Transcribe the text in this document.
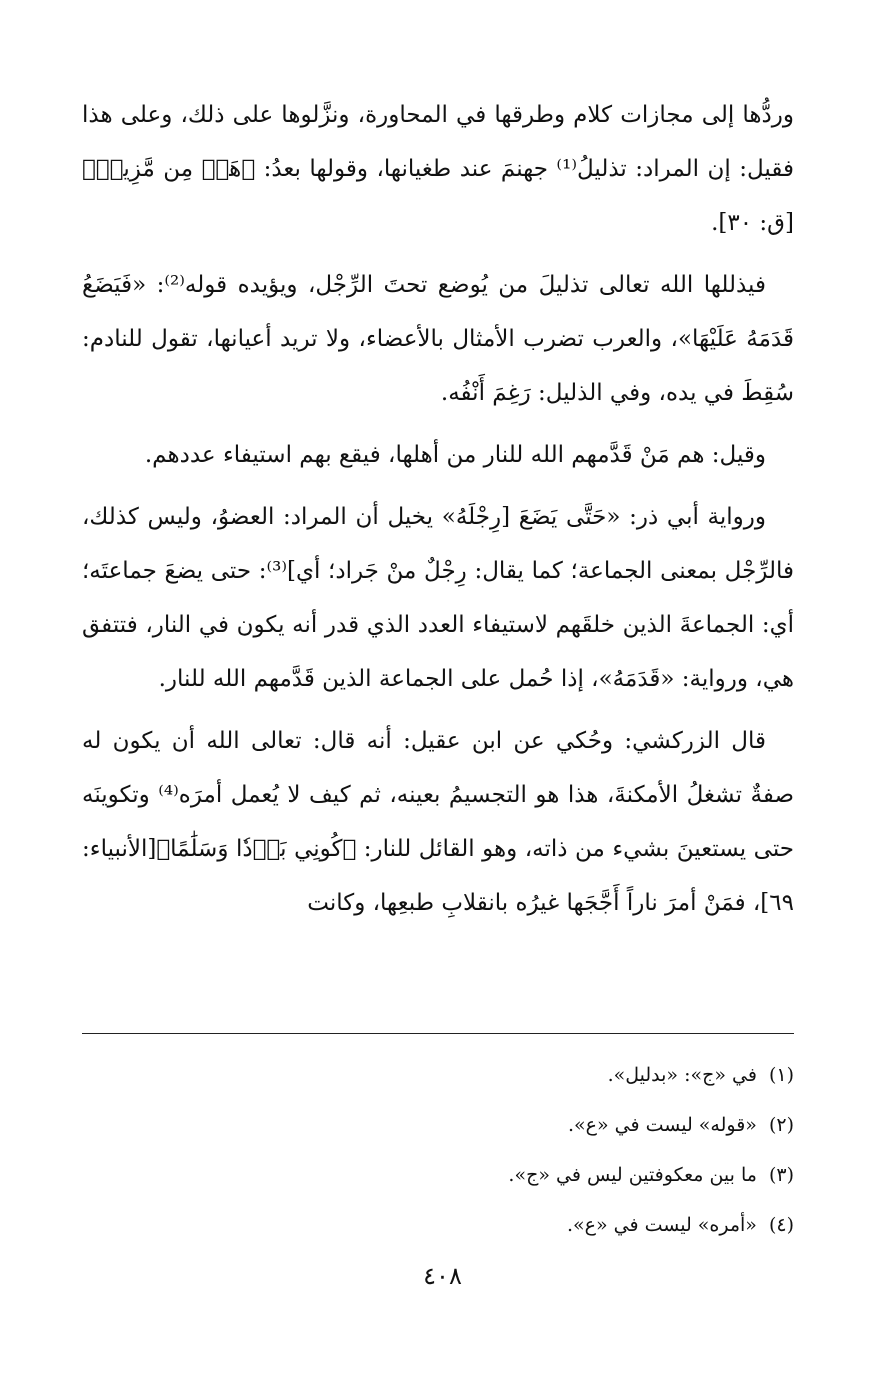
وردُّها إلى مجازات كلام وطرقها في المحاورة، ونزَّلوها على ذلك، وعلى هذا فقيل: إن المراد: تذليلُ⁽¹⁾ جهنمَ عند طغيانها، وقولها بعدُ: ﴿هَلۡ مِن مَّزِيدٖ﴾[ق: ٣٠].

فيذللها الله تعالى تذليلَ من يُوضع تحتَ الرِّجْل، ويؤيده قوله⁽²⁾: «فَيَضَعُ قَدَمَهُ عَلَيْهَا»، والعرب تضرب الأمثال بالأعضاء، ولا تريد أعيانها، تقول للنادم: سُقِطَ في يده، وفي الذليل: رَغِمَ أَنْفُه.

وقيل: هم مَنْ قَدَّمهم الله للنار من أهلها، فيقع بهم استيفاء عددهم.

ورواية أبي ذر: «حَتَّى يَضَعَ [رِجْلَهُ» يخيل أن المراد: العضوُ، وليس كذلك، فالرِّجْل بمعنى الجماعة؛ كما يقال: رِجْلٌ منْ جَراد؛ أي]⁽³⁾: حتى يضعَ جماعتَه؛ أي: الجماعةَ الذين خلقَهم لاستيفاء العدد الذي قدر أنه يكون في النار، فتتفق هي، ورواية: «قَدَمَهُ»، إذا حُمل على الجماعة الذين قَدَّمهم الله للنار.

قال الزركشي: وحُكي عن ابن عقيل: أنه قال: تعالى الله أن يكون له صفةٌ تشغلُ الأمكنةَ، هذا هو التجسيمُ بعينه، ثم كيف لا يُعمل أمرَه⁽⁴⁾ وتكوينَه حتى يستعينَ بشيء من ذاته، وهو القائل للنار: ﴿كُونِي بَرۡدٗا وَسَلَٰمًا﴾[الأنبياء: ٦٩]، فمَنْ أمرَ ناراً أَجَّجَها غيرُه بانقلابِ طبعِها، وكانت

(١)في «ج»: «بدليل».

(٢)«قوله» ليست في «ع».

(٣)ما بين معكوفتين ليس في «ج».

(٤)«أمره» ليست في «ع».

٤٠٨
